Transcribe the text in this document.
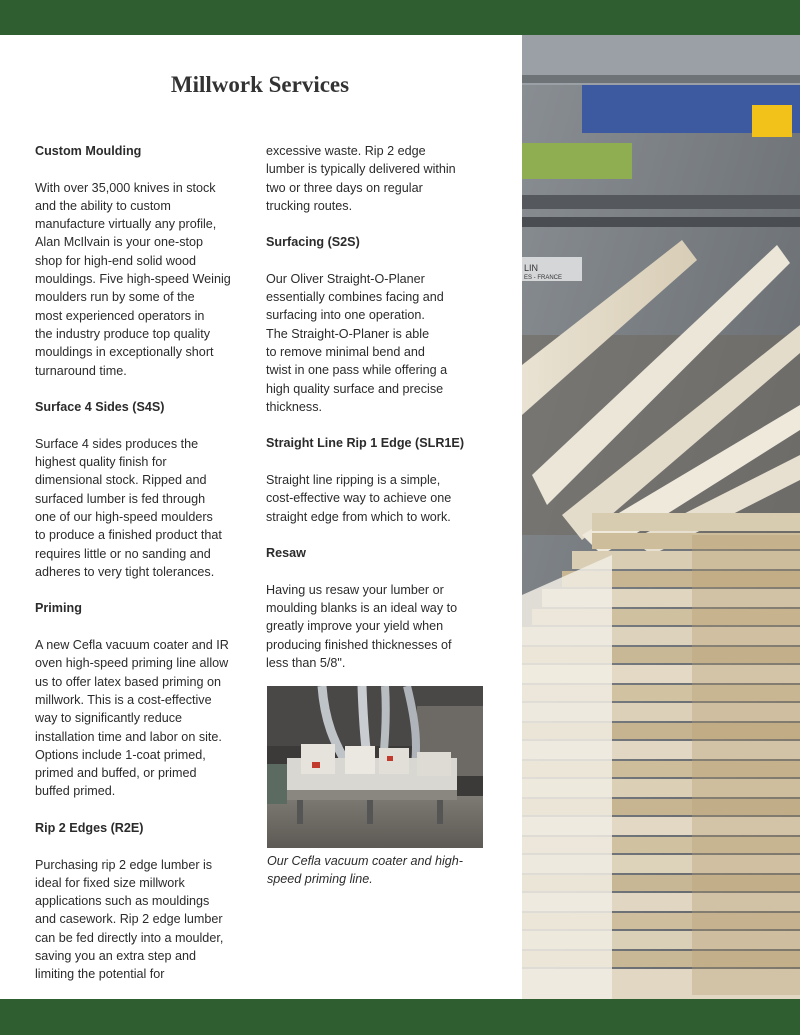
Millwork Services
Custom Moulding
With over 35,000 knives in stock
and the ability to custom
manufacture virtually any profile,
Alan McIlvain is your one-stop
shop for high-end solid wood
mouldings. Five high-speed Weinig
moulders run by some of the
most experienced operators in
the industry produce top quality
mouldings in exceptionally short
turnaround time.
Surface 4 Sides (S4S)
Surface 4 sides produces the
highest quality finish for
dimensional stock. Ripped and
surfaced lumber is fed through
one of our high-speed moulders
to produce a finished product that
requires little or no sanding and
adheres to very tight tolerances.
Priming
A new Cefla vacuum coater and IR
oven high-speed priming line allow
us to offer latex based priming on
millwork. This is a cost-effective
way to significantly reduce
installation time and labor on site.
Options include 1-coat primed,
primed and buffed, or primed
buffed primed.
Rip 2 Edges (R2E)
Purchasing rip 2 edge lumber is
ideal for fixed size millwork
applications such as mouldings
and casework. Rip 2 edge lumber
can be fed directly into a moulder,
saving you an extra step and
limiting the potential for
excessive waste. Rip 2 edge
lumber is typically delivered within
two or three days on regular
trucking routes.
Surfacing (S2S)
Our Oliver Straight-O-Planer
essentially combines facing and
surfacing into one operation.
The Straight-O-Planer is able
to remove minimal bend and
twist in one pass while offering a
high quality surface and precise
thickness.
Straight Line Rip 1 Edge (SLR1E)
Straight line ripping is a simple,
cost-effective way to achieve one
straight edge from which to work.
Resaw
Having us resaw your lumber or
moulding blanks is an ideal way to
greatly improve your yield when
producing finished thicknesses of
less than 5/8".
Our Cefla vacuum coater and high-
speed priming line.
LIN
ES - FRANCE
